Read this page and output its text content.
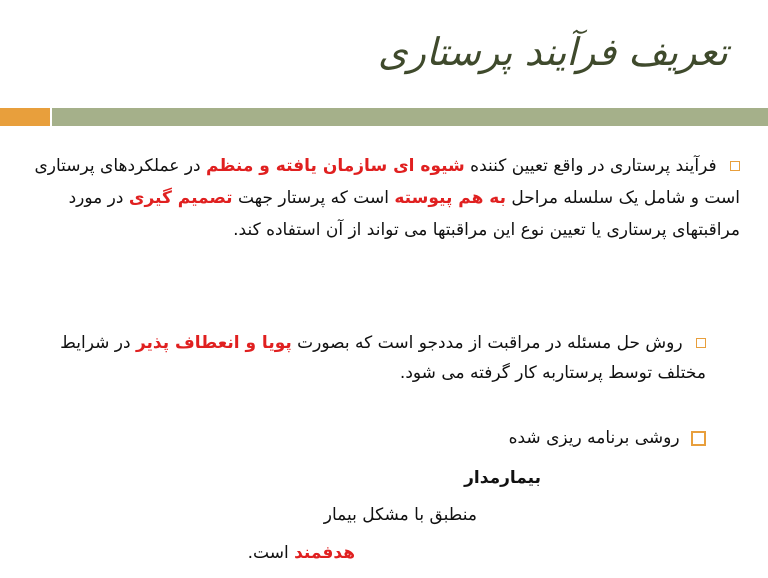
تعریف فرآیند پرستاری
فرآیند پرستاری در واقع تعیین کننده شیوه ای سازمان یافته و منظم در عملکردهای پرستاری است و شامل یک سلسله مراحل به هم پیوسته است که پرستار جهت تصمیم گیری در مورد مراقبتهای پرستاری یا تعیین نوع این مراقبتها می تواند از آن استفاده کند.
روش حل مسئله در مراقبت از مددجو است که بصورت پویا و انعطاف پذیر در شرایط مختلف توسط پرستاربه کار گرفته می شود.
روشی برنامه ریزی شده
بیمارمدار
منطبق با مشکل بیمار
هدفمند است.
